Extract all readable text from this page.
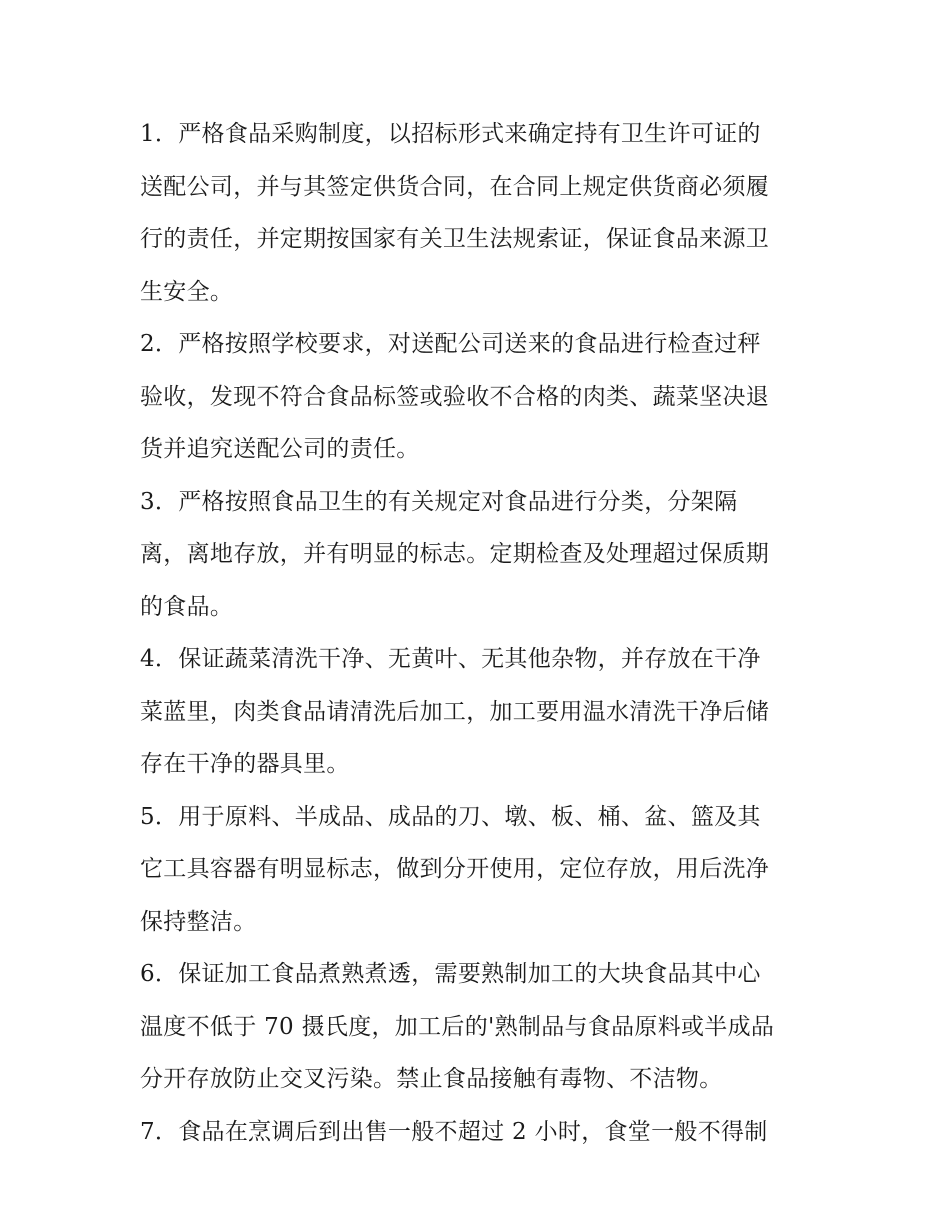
1．严格食品采购制度，以招标形式来确定持有卫生许可证的
送配公司，并与其签定供货合同，在合同上规定供货商必须履
行的责任，并定期按国家有关卫生法规索证，保证食品来源卫
生安全。
2．严格按照学校要求，对送配公司送来的食品进行检查过秤
验收，发现不符合食品标签或验收不合格的肉类、蔬菜坚决退
货并追究送配公司的责任。
3．严格按照食品卫生的有关规定对食品进行分类，分架隔
离，离地存放，并有明显的标志。定期检查及处理超过保质期
的食品。
4．保证蔬菜清洗干净、无黄叶、无其他杂物，并存放在干净
菜蓝里，肉类食品请清洗后加工，加工要用温水清洗干净后储
存在干净的器具里。
5．用于原料、半成品、成品的刀、墩、板、桶、盆、篮及其
它工具容器有明显标志，做到分开使用，定位存放，用后洗净
保持整洁。
6．保证加工食品煮熟煮透，需要熟制加工的大块食品其中心
温度不低于 70 摄氏度，加工后的'熟制品与食品原料或半成品
分开存放防止交叉污染。禁止食品接触有毒物、不洁物。
7．食品在烹调后到出售一般不超过 2 小时，食堂一般不得制
